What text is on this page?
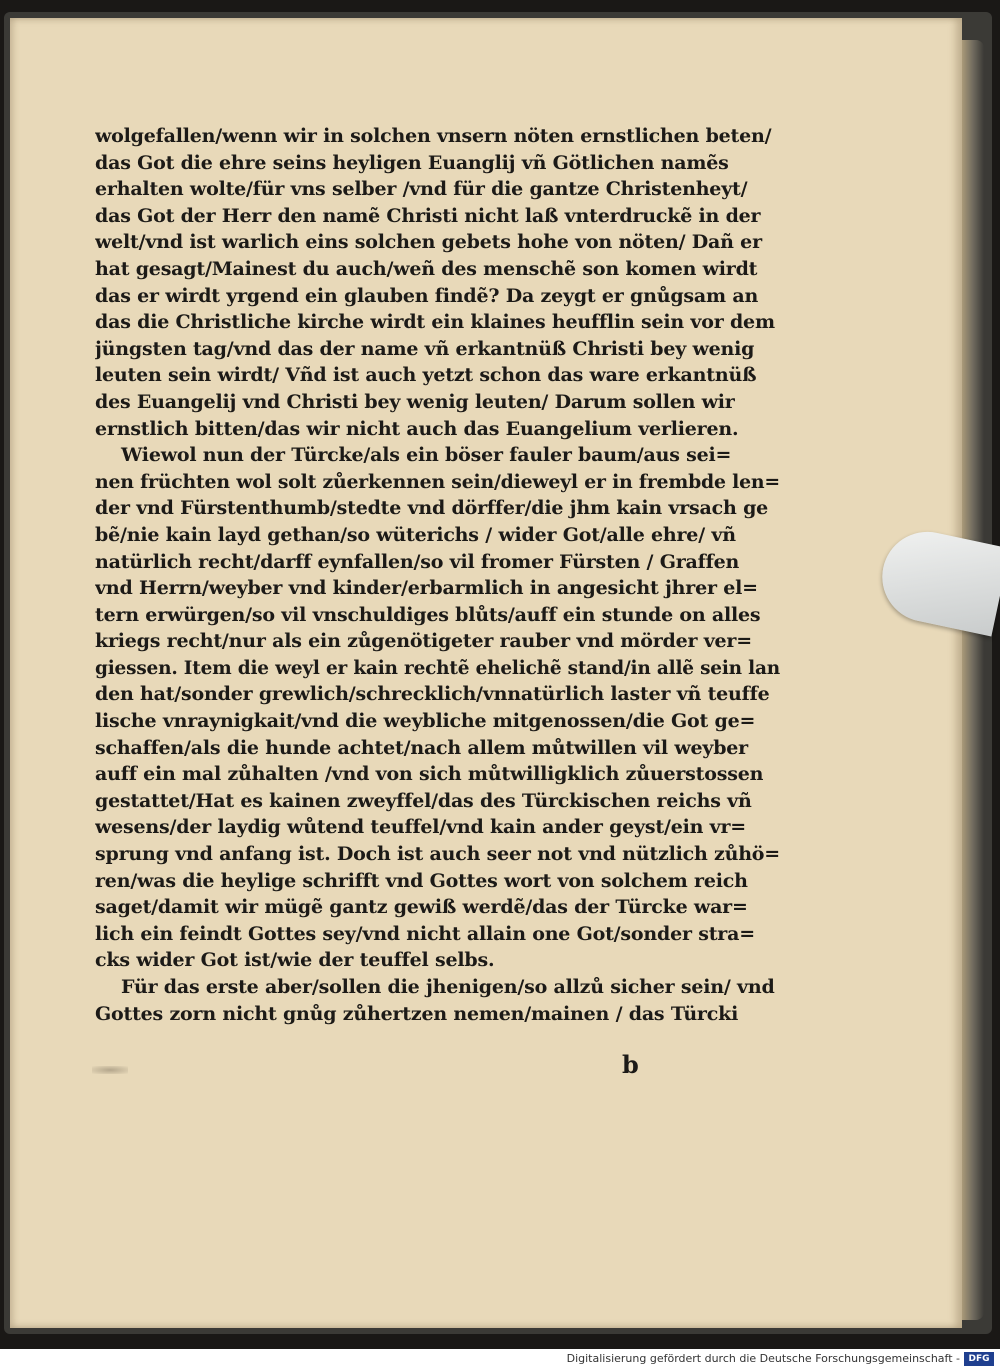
wolgefallen/wenn wir in solchen vnsern nöten ernstlichen beten/
das Got die ehre seins heyligen Euanglij vñ Götlichen namẽs
erhalten wolte/für vns selber /vnd für die gantze Christenheyt/
das Got der Herr den namẽ Christi nicht laß vnterdruckẽ in der
welt/vnd ist warlich eins solchen gebets hohe von nöten/ Dañ er
hat gesagt/Mainest du auch/weñ des menschẽ son komen wirdt
das er wirdt yrgend ein glauben findẽ? Da zeygt er gnůgsam an
das die Christliche kirche wirdt ein klaines heufflin sein vor dem
jüngsten tag/vnd das der name vñ erkantnüß Christi bey wenig
leuten sein wirdt/ Vñd ist auch yetzt schon das ware erkantnüß
des Euangelij vnd Christi bey wenig leuten/ Darum sollen wir
ernstlich bitten/das wir nicht auch das Euangelium verlieren.
Wiewol nun der Türcke/als ein böser fauler baum/aus sei=
nen früchten wol solt zůerkennen sein/dieweyl er in frembde len=
der vnd Fürstenthumb/stedte vnd dörffer/die jhm kain vrsach ge
bẽ/nie kain layd gethan/so wüterichs / wider Got/alle ehre/ vñ
natürlich recht/darff eynfallen/so vil fromer Fürsten / Graffen
vnd Herrn/weyber vnd kinder/erbarmlich in angesicht jhrer el=
tern erwürgen/so vil vnschuldiges blůts/auff ein stunde on alles
kriegs recht/nur als ein zůgenötigeter rauber vnd mörder ver=
giessen. Item die weyl er kain rechtẽ ehelichẽ stand/in allẽ sein lan
den hat/sonder grewlich/schrecklich/vnnatürlich laster vñ teuffe
lische vnraynigkait/vnd die weybliche mitgenossen/die Got ge=
schaffen/als die hunde achtet/nach allem můtwillen vil weyber
auff ein mal zůhalten /vnd von sich můtwilligklich zůuerstossen
gestattet/Hat es kainen zweyffel/das des Türckischen reichs vñ
wesens/der laydig wůtend teuffel/vnd kain ander geyst/ein vr=
sprung vnd anfang ist. Doch ist auch seer not vnd nützlich zůhö=
ren/was die heylige schrifft vnd Gottes wort von solchem reich
saget/damit wir mügẽ gantz gewiß werdẽ/das der Türcke war=
lich ein feindt Gottes sey/vnd nicht allain one Got/sonder stra=
cks wider Got ist/wie der teuffel selbs.
Für das erste aber/sollen die jhenigen/so allzů sicher sein/ vnd
Gottes zorn nicht gnůg zůhertzen nemen/mainen / das Türcki
b
Digitalisierung gefördert durch die Deutsche Forschungsgemeinschaft - DFG
